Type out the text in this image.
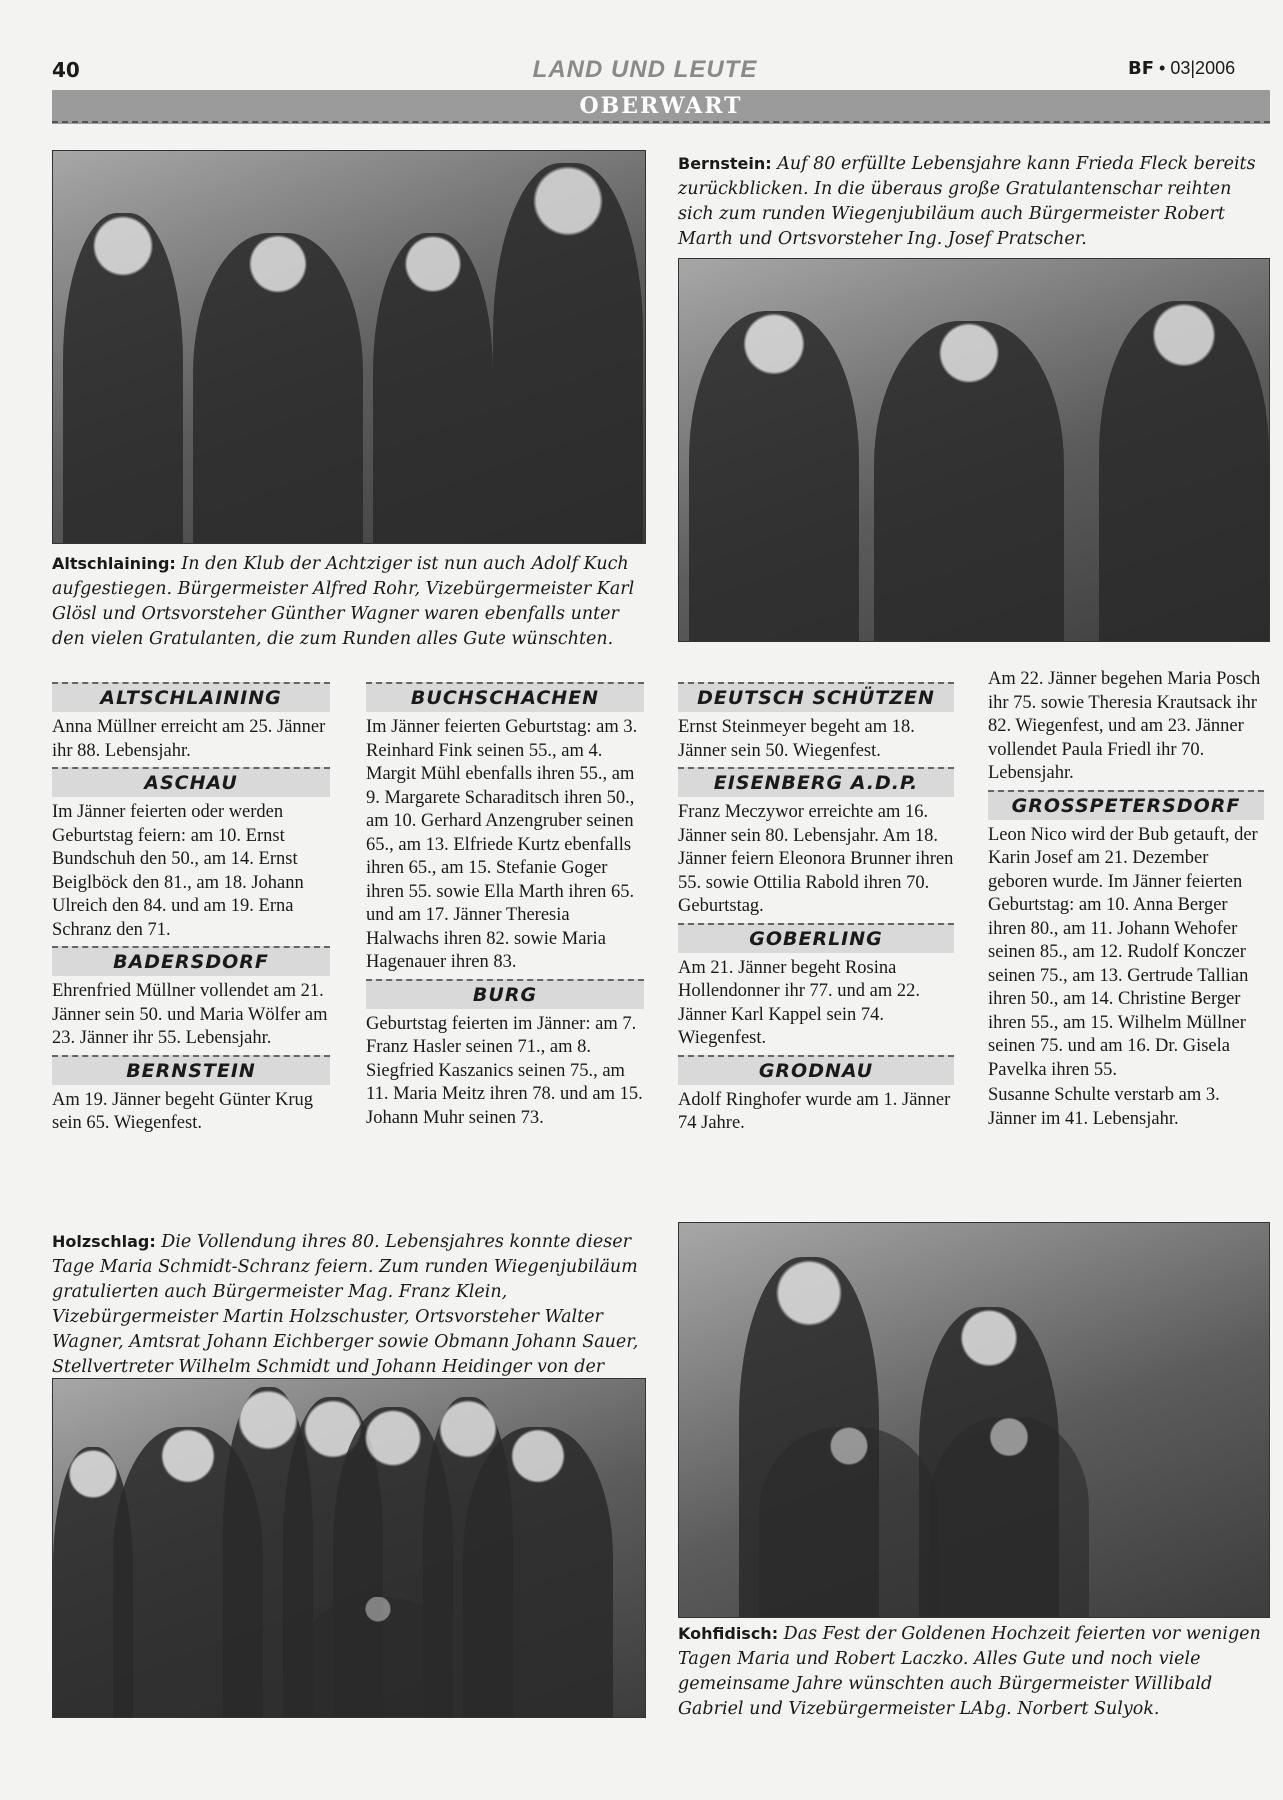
40	LAND UND LEUTE	BF • 03|2006
OBERWART
Altschlaining: In den Klub der Achtziger ist nun auch Adolf Kuch aufgestiegen. Bürgermeister Alfred Rohr, Vizebürgermeister Karl Glösl und Ortsvorsteher Günther Wagner waren ebenfalls unter den vielen Gratulanten, die zum Runden alles Gute wünschten.
Bernstein: Auf 80 erfüllte Lebensjahre kann Frieda Fleck bereits zurückblicken. In die überaus große Gratulantenschar reihten sich zum runden Wiegenjubiläum auch Bürgermeister Robert Marth und Ortsvorsteher Ing. Josef Pratscher.
ALTSCHLAINING

Anna Müllner erreicht am 25. Jänner ihr 88. Lebensjahr.

ASCHAU

Im Jänner feierten oder werden Geburtstag feiern: am 10. Ernst Bundschuh den 50., am 14. Ernst Beiglböck den 81., am 18. Johann Ulreich den 84. und am 19. Erna Schranz den 71.

BADERSDORF

Ehrenfried Müllner vollendet am 21. Jänner sein 50. und Maria Wölfer am 23. Jänner ihr 55. Lebensjahr.

BERNSTEIN

Am 19. Jänner begeht Günter Krug sein 65. Wiegenfest.

BUCHSCHACHEN

Im Jänner feierten Geburtstag: am 3. Reinhard Fink seinen 55., am 4. Margit Mühl ebenfalls ihren 55., am 9. Margarete Scharaditsch ihren 50., am 10. Gerhard Anzengruber seinen 65., am 13. Elfriede Kurtz ebenfalls ihren 65., am 15. Stefanie Goger ihren 55. sowie Ella Marth ihren 65. und am 17. Jänner Theresia Halwachs ihren 82. sowie Maria Hagenauer ihren 83.

BURG

Geburtstag feierten im Jänner: am 7. Franz Hasler seinen 71., am 8. Siegfried Kaszanics seinen 75., am 11. Maria Meitz ihren 78. und am 15. Johann Muhr seinen 73.

DEUTSCH SCHÜTZEN

Ernst Steinmeyer begeht am 18. Jänner sein 50. Wiegenfest.

EISENBERG A.D.P.

Franz Meczywor erreichte am 16. Jänner sein 80. Lebensjahr. Am 18. Jänner feiern Eleonora Brunner ihren 55. sowie Ottilia Rabold ihren 70. Geburtstag.

GOBERLING

Am 21. Jänner begeht Rosina Hollendonner ihr 77. und am 22. Jänner Karl Kappel sein 74. Wiegenfest.

GRODNAU

Adolf Ringhofer wurde am 1. Jänner 74 Jahre.

Am 22. Jänner begehen Maria Posch ihr 75. sowie Theresia Krautsack ihr 82. Wiegenfest, und am 23. Jänner vollendet Paula Friedl ihr 70. Lebensjahr.

GROSSPETERSDORF

Leon Nico wird der Bub getauft, der Karin Josef am 21. Dezember geboren wurde. Im Jänner feierten Geburtstag: am 10. Anna Berger ihren 80., am 11. Johann Wehofer seinen 85., am 12. Rudolf Konczer seinen 75., am 13. Gertrude Tallian ihren 50., am 14. Christine Berger ihren 55., am 15. Wilhelm Müllner seinen 75. und am 16. Dr. Gisela Pavelka ihren 55.

Susanne Schulte verstarb am 3. Jänner im 41. Lebensjahr.

Holzschlag: Die Vollendung ihres 80. Lebensjahres konnte dieser Tage Maria Schmidt-Schranz feiern. Zum runden Wiegenjubiläum gratulierten auch Bürgermeister Mag. Franz Klein, Vizebürgermeister Martin Holzschuster, Ortsvorsteher Walter Wagner, Amtsrat Johann Eichberger sowie Obmann Johann Sauer, Stellvertreter Wilhelm Schmidt und Johann Heidinger von der
Kohfidisch: Das Fest der Goldenen Hochzeit feierten vor wenigen Tagen Maria und Robert Laczko. Alles Gute und noch viele gemeinsame Jahre wünschten auch Bürgermeister Willibald Gabriel und Vizebürgermeister LAbg. Norbert Sulyok.
